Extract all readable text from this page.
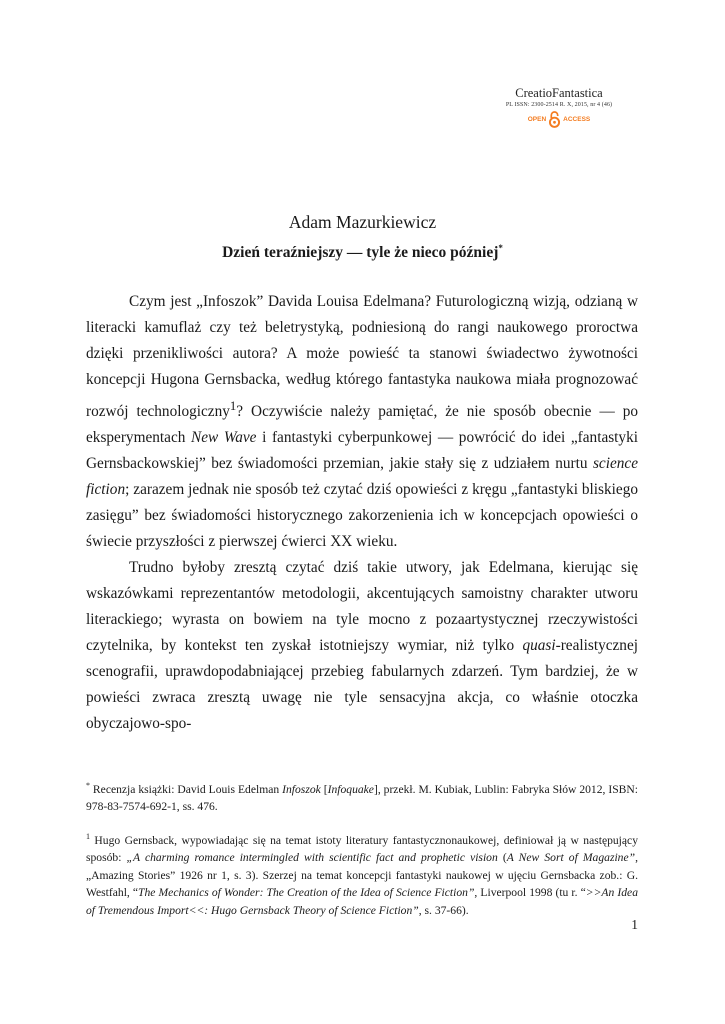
CreatioFantastica
PL ISSN: 2300-2514 R. X, 2015, nr 4 (46)
OPEN	ACCESS
Adam Mazurkiewicz
Dzień teraźniejszy — tyle że nieco później*

Czym jest „Infoszok” Davida Louisa Edelmana? Futurologiczną wizją, odzianą w literacki kamuflaż czy też beletrystyką, podniesioną do rangi naukowego proroctwa dzięki przenikliwości autora? A może powieść ta stanowi świadectwo żywotności koncepcji Hugona Gernsbacka, według którego fantastyka naukowa miała prognozować rozwój technologiczny$^1$? Oczywiście należy pamiętać, że nie sposób obecnie — po eksperymentach New Wave i fantastyki cyberpunkowej — powrócić do idei „fantastyki Gernsbackowskiej” bez świadomości przemian, jakie stały się z udziałem nurtu science fiction; zarazem jednak nie sposób też czytać dziś opowieści z kręgu „fantastyki bliskiego zasięgu” bez świadomości historycznego zakorzenienia ich w koncepcjach opowieści o świecie przyszłości z pierwszej ćwierci XX wieku.

Trudno byłoby zresztą czytać dziś takie utwory, jak Edelmana, kierując się wskazówkami reprezentantów metodologii, akcentujących samoistny charakter utworu literackiego; wyrasta on bowiem na tyle mocno z pozaartystycznej rzeczywistości czytelnika, by kontekst ten zyskał istotniejszy wymiar, niż tylko quasi-realistycznej scenografii, uprawdopodabniającej przebieg fabularnych zdarzeń. Tym bardziej, że w powieści zwraca zresztą uwagę nie tyle sensacyjna akcja, co właśnie otoczka obyczajowo-spo-

* Recenzja książki: David Louis Edelman Infoszok [Infoquake], przekł. M. Kubiak, Lublin: Fabryka Słów 2012, ISBN: 978-83-7574-692-1, ss. 476.

$^1$ Hugo Gernsback, wypowiadając się na temat istoty literatury fantastycznonaukowej, definiował ją w następujący sposób: „A charming romance intermingled with scientific fact and prophetic vision (A New Sort of Magazine”, „Amazing Stories” 1926 nr 1, s. 3). Szerzej na temat koncepcji fantastyki naukowej w ujęciu Gernsbacka zob.: G. Westfahl, “The Mechanics of Wonder: The Creation of the Idea of Science Fiction”, Liverpool 1998 (tu r. “>>An Idea of Tremendous Import<<: Hugo Gernsback Theory of Science Fiction”, s. 37-66).

1
